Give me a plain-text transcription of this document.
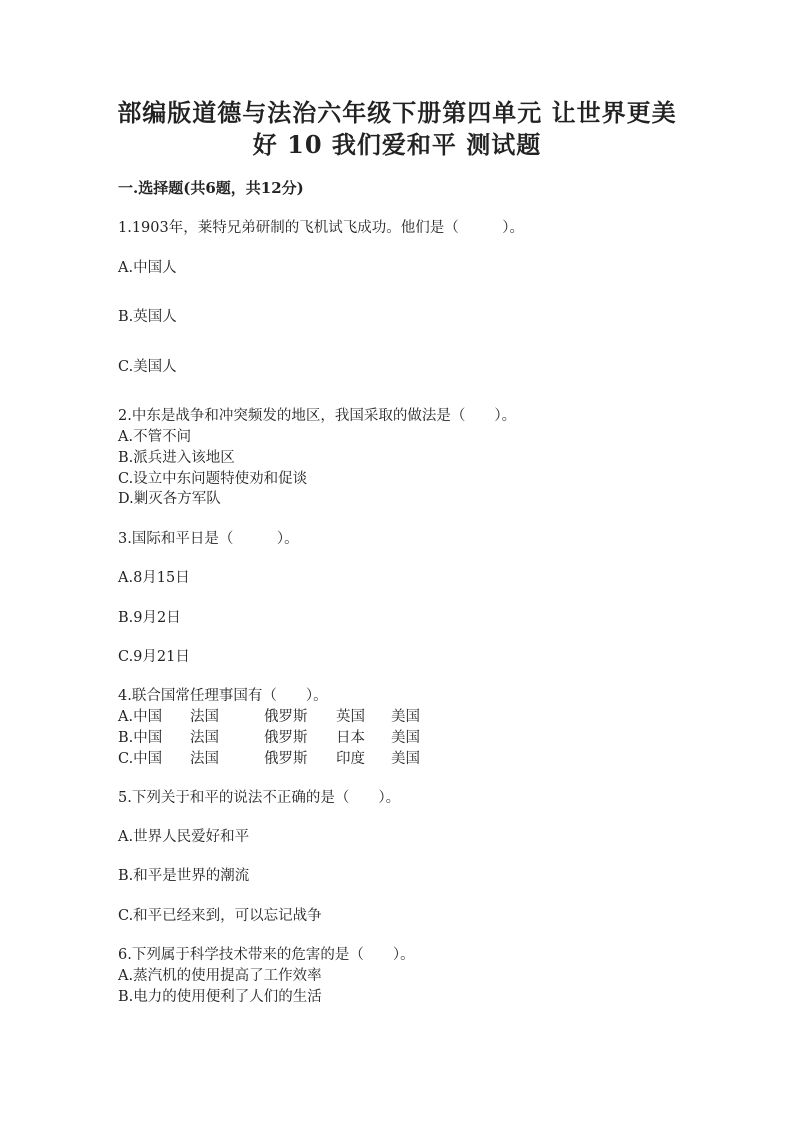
部编版道德与法治六年级下册第四单元 让世界更美
好 10 我们爱和平 测试题
一.选择题(共6题，共12分)
1.1903年，莱特兄弟研制的飞机试飞成功。他们是（　　　）。
A.中国人
B.英国人
C.美国人
2.中东是战争和冲突频发的地区，我国采取的做法是（　　）。
A.不管不问
B.派兵进入该地区
C.设立中东问题特使劝和促谈
D.剿灭各方军队
3.国际和平日是（　　　）。
A.8月15日
B.9月2日
C.9月21日
4.联合国常任理事国有（　　）。
A.中国 法国	俄罗斯 英国 美国
B.中国 法国	俄罗斯 日本 美国
C.中国 法国	俄罗斯 印度 美国
5.下列关于和平的说法不正确的是（　　）。
A.世界人民爱好和平
B.和平是世界的潮流
C.和平已经来到，可以忘记战争
6.下列属于科学技术带来的危害的是（　　）。
A.蒸汽机的使用提高了工作效率
B.电力的使用便利了人们的生活
